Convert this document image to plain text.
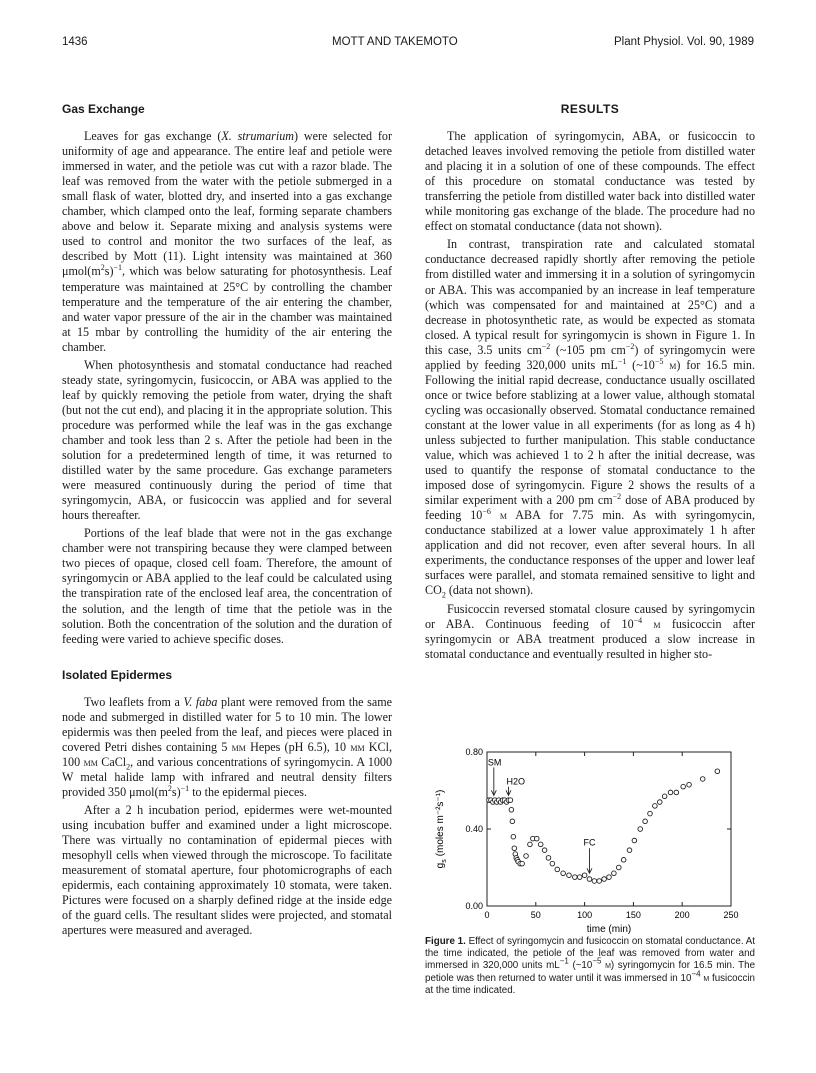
1436	MOTT AND TAKEMOTO	Plant Physiol. Vol. 90, 1989
Gas Exchange

Leaves for gas exchange (X. strumarium) were selected for uniformity of age and appearance. The entire leaf and petiole were immersed in water, and the petiole was cut with a razor blade. The leaf was removed from the water with the petiole submerged in a small flask of water, blotted dry, and inserted into a gas exchange chamber, which clamped onto the leaf, forming separate chambers above and below it. Separate mixing and analysis systems were used to control and monitor the two surfaces of the leaf, as described by Mott (11). Light intensity was maintained at 360 $\mu mol(m^2s)^{-1}$, which was below saturating for photosynthesis. Leaf temperature was maintained at 25°C by controlling the chamber temperature and the temperature of the air entering the chamber, and water vapor pressure of the air in the chamber was maintained at 15 mbar by controlling the humidity of the air entering the chamber.

When photosynthesis and stomatal conductance had reached steady state, syringomycin, fusicoccin, or ABA was applied to the leaf by quickly removing the petiole from water, drying the shaft (but not the cut end), and placing it in the appropriate solution. This procedure was performed while the leaf was in the gas exchange chamber and took less than 2 s. After the petiole had been in the solution for a predetermined length of time, it was returned to distilled water by the same procedure. Gas exchange parameters were measured continuously during the period of time that syringomycin, ABA, or fusicoccin was applied and for several hours thereafter.

Portions of the leaf blade that were not in the gas exchange chamber were not transpiring because they were clamped between two pieces of opaque, closed cell foam. Therefore, the amount of syringomycin or ABA applied to the leaf could be calculated using the transpiration rate of the enclosed leaf area, the concentration of the solution, and the length of time that the petiole was in the solution. Both the concentration of the solution and the duration of feeding were varied to achieve specific doses.

Isolated Epidermes

Two leaflets from a V. faba plant were removed from the same node and submerged in distilled water for 5 to 10 min. The lower epidermis was then peeled from the leaf, and pieces were placed in covered Petri dishes containing 5 mm Hepes (pH 6.5), 10 mm KCl, 100 μm CaCl$_2$, and various concentrations of syringomycin. A 1000 W metal halide lamp with infrared and neutral density filters provided 350 $\mu mol(m^2s)^{-1}$ to the epidermal pieces.

After a 2 h incubation period, epidermes were wet-mounted using incubation buffer and examined under a light microscope. There was virtually no contamination of epidermal pieces with mesophyll cells when viewed through the microscope. To facilitate measurement of stomatal aperture, four photomicrographs of each epidermis, each containing approximately 10 stomata, were taken. Pictures were focused on a sharply defined ridge at the inside edge of the guard cells. The resultant slides were projected, and stomatal apertures were measured and averaged.

RESULTS

The application of syringomycin, ABA, or fusicoccin to detached leaves involved removing the petiole from distilled water and placing it in a solution of one of these compounds. The effect of this procedure on stomatal conductance was tested by transferring the petiole from distilled water back into distilled water while monitoring gas exchange of the blade. The procedure had no effect on stomatal conductance (data not shown).

In contrast, transpiration rate and calculated stomatal conductance decreased rapidly shortly after removing the petiole from distilled water and immersing it in a solution of syringomycin or ABA. This was accompanied by an increase in leaf temperature (which was compensated for and maintained at 25°C) and a decrease in photosynthetic rate, as would be expected as stomata closed. A typical result for syringomycin is shown in Figure 1. In this case, 3.5 units $cm^{-2}$ (~105 pm $cm^{-2}$) of syringomycin were applied by feeding 320,000 units $mL^{-1}$ ($\sim 10^{-5}$ m) for 16.5 min. Following the initial rapid decrease, conductance usually oscillated once or twice before stablizing at a lower value, although stomatal cycling was occasionally observed. Stomatal conductance remained constant at the lower value in all experiments (for as long as 4 h) unless subjected to further manipulation. This stable conductance value, which was achieved 1 to 2 h after the initial decrease, was used to quantify the response of stomatal conductance to the imposed dose of syringomycin. Figure 2 shows the results of a similar experiment with a 200 pm $cm^{-2}$ dose of ABA produced by feeding $10^{-6}$ m ABA for 7.75 min. As with syringomycin, conductance stabilized at a lower value approximately 1 h after application and did not recover, even after several hours. In all experiments, the conductance responses of the upper and lower leaf surfaces were parallel, and stomata remained sensitive to light and $CO_2$ (data not shown).

Fusicoccin reversed stomatal closure caused by syringomycin or ABA. Continuous feeding of $10^{-4}$ m fusicoccin after syringomycin or ABA treatment produced a slow increase in stomatal conductance and eventually resulted in higher sto-

$g_s(moles$ m⁻²s⁻¹)
time (min)
0	50	100	150	200	250
0.00
0.40
0.80
SM
H2O
FC
Figure 1. Effect of syringomycin and fusicoccin on stomatal conductance. At the time indicated, the petiole of the leaf was removed from water and immersed in 320,000 units $mL^{-1}$ ($\sim 10^{-5}$ m) syringomycin for 16.5 min. The petiole was then returned to water until it was immersed in $10^{-4}$ m fusicoccin at the time indicated.
